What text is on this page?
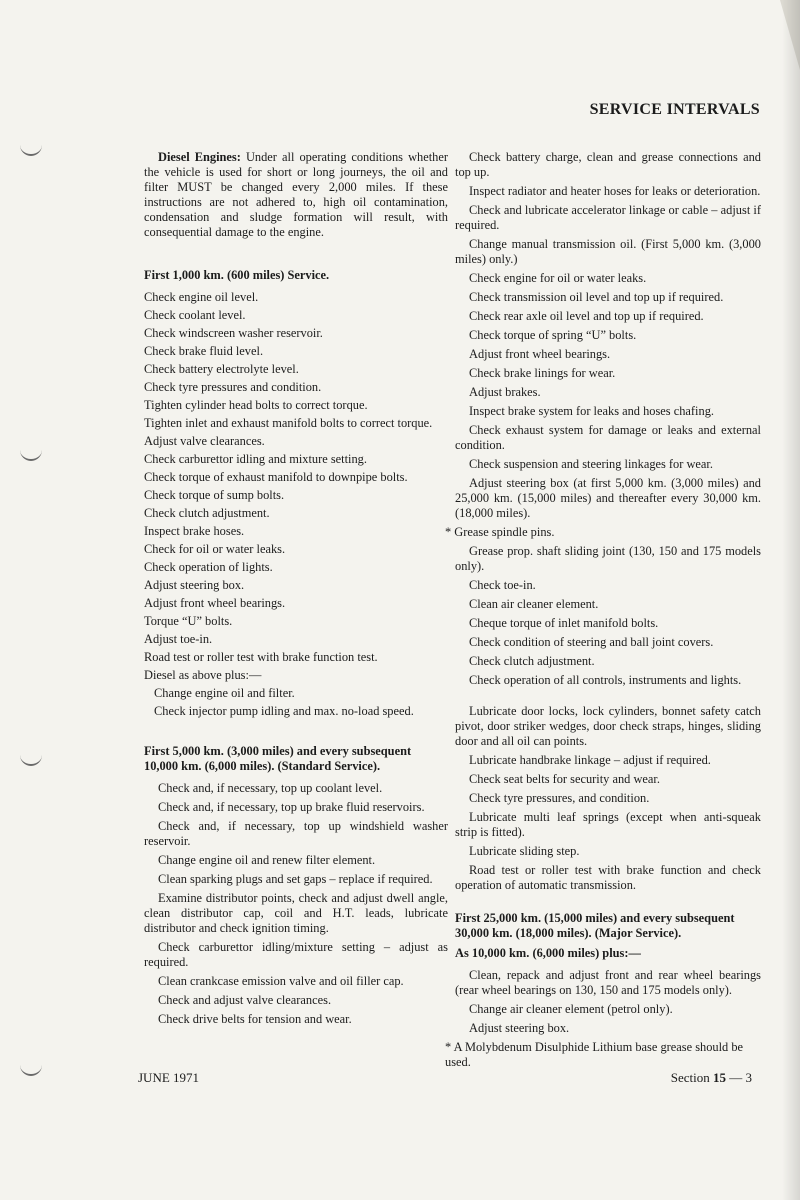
SERVICE INTERVALS

Diesel Engines: Under all operating conditions whether the vehicle is used for short or long journeys, the oil and filter MUST be changed every 2,000 miles. If these instructions are not adhered to, high oil contamination, condensation and sludge formation will result, with consequential damage to the engine.

First 1,000 km. (600 miles) Service.
Check engine oil level.
Check coolant level.
Check windscreen washer reservoir.
Check brake fluid level.
Check battery electrolyte level.
Check tyre pressures and condition.
Tighten cylinder head bolts to correct torque.
Tighten inlet and exhaust manifold bolts to correct torque.
Adjust valve clearances.
Check carburettor idling and mixture setting.
Check torque of exhaust manifold to downpipe bolts.
Check torque of sump bolts.
Check clutch adjustment.
Inspect brake hoses.
Check for oil or water leaks.
Check operation of lights.
Adjust steering box.
Adjust front wheel bearings.
Torque “U” bolts.
Adjust toe-in.
Road test or roller test with brake function test.
Diesel as above plus:—
Change engine oil and filter.
Check injector pump idling and max. no-load speed.
First 5,000 km. (3,000 miles) and every subsequent 10,000 km. (6,000 miles). (Standard Service).
Check and, if necessary, top up coolant level.
Check and, if necessary, top up brake fluid reservoirs.
Check and, if necessary, top up windshield washer reservoir.
Change engine oil and renew filter element.
Clean sparking plugs and set gaps – replace if required.
Examine distributor points, check and adjust dwell angle, clean distributor cap, coil and H.T. leads, lubricate distributor and check ignition timing.
Check carburettor idling/mixture setting – adjust as required.
Clean crankcase emission valve and oil filler cap.
Check and adjust valve clearances.
Check drive belts for tension and wear.
Check battery charge, clean and grease connections and top up.
Inspect radiator and heater hoses for leaks or deterioration.
Check and lubricate accelerator linkage or cable – adjust if required.
Change manual transmission oil. (First 5,000 km. (3,000 miles) only.)
Check engine for oil or water leaks.
Check transmission oil level and top up if required.
Check rear axle oil level and top up if required.
Check torque of spring “U” bolts.
Adjust front wheel bearings.
Check brake linings for wear.
Adjust brakes.
Inspect brake system for leaks and hoses chafing.
Check exhaust system for damage or leaks and external condition.
Check suspension and steering linkages for wear.
Adjust steering box (at first 5,000 km. (3,000 miles) and 25,000 km. (15,000 miles) and thereafter every 30,000 km. (18,000 miles).
* Grease spindle pins.
Grease prop. shaft sliding joint (130, 150 and 175 models only).
Check toe-in.
Clean air cleaner element.
Cheque torque of inlet manifold bolts.
Check condition of steering and ball joint covers.
Check clutch adjustment.
Check operation of all controls, instruments and lights.
Lubricate door locks, lock cylinders, bonnet safety catch pivot, door striker wedges, door check straps, hinges, sliding door and all oil can points.
Lubricate handbrake linkage – adjust if required.
Check seat belts for security and wear.
Check tyre pressures, and condition.
Lubricate multi leaf springs (except when anti-squeak strip is fitted).
Lubricate sliding step.
Road test or roller test with brake function and check operation of automatic transmission.
First 25,000 km. (15,000 miles) and every subsequent 30,000 km. (18,000 miles). (Major Service).
As 10,000 km. (6,000 miles) plus:—
Clean, repack and adjust front and rear wheel bearings (rear wheel bearings on 130, 150 and 175 models only).
Change air cleaner element (petrol only).
Adjust steering box.
* A Molybdenum Disulphide Lithium base grease should be used.
JUNE 1971	Section 15 — 3
